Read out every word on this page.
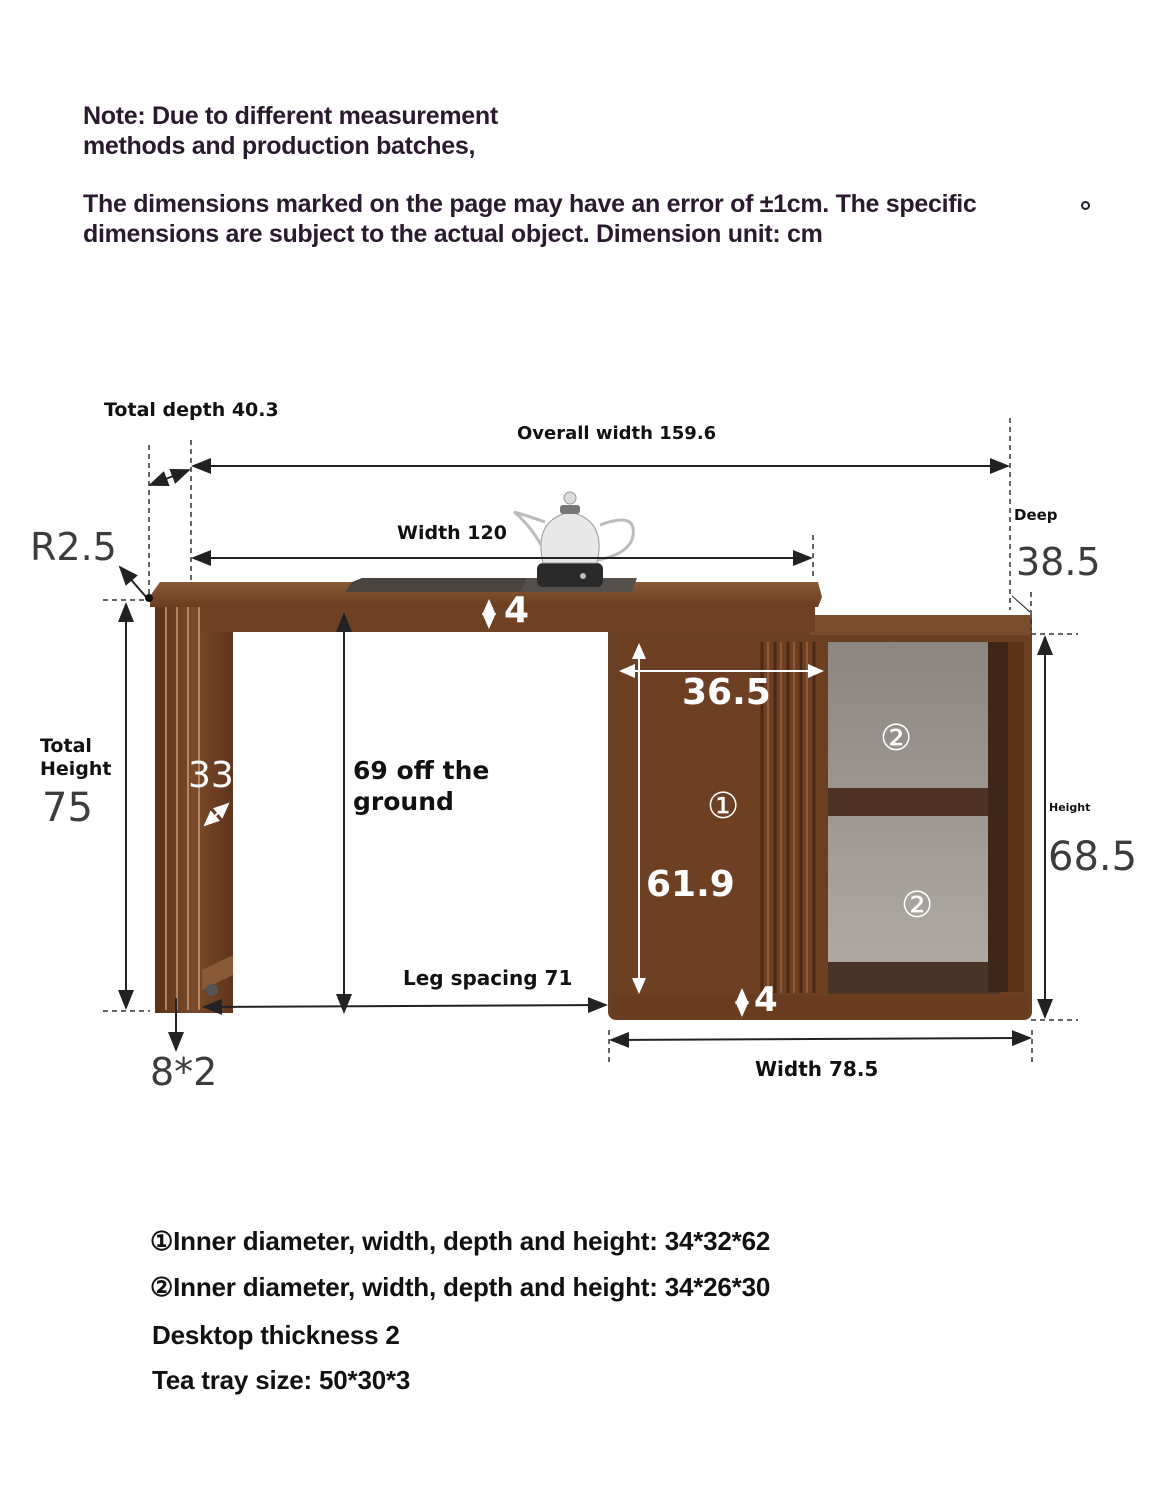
Note: Due to different measurement
methods and production batches,
The dimensions marked on the page may have an error of ±1cm. The specific
dimensions are subject to the actual object. Dimension unit: cm
Total depth 40.3
Overall width 159.6
R2.5	Width 120
Deep
38.5
4
Total
Height
75
33	69 off the
ground
36.5
61.9
①
②
②
4
Height
68.5
Leg spacing 71
8*2	Width 78.5
①Inner diameter, width, depth and height: 34*32*62
②Inner diameter, width, depth and height: 34*26*30
Desktop thickness 2
Tea tray size: 50*30*3
